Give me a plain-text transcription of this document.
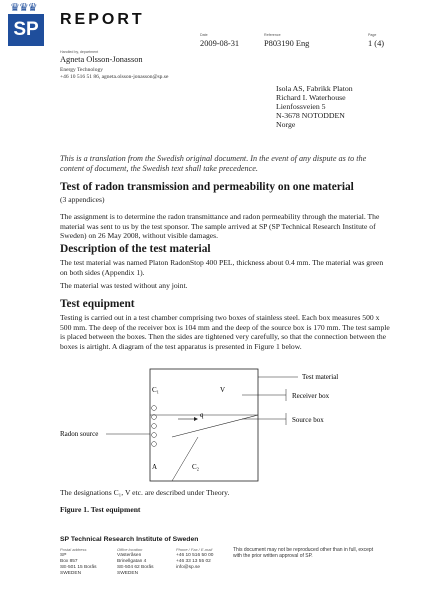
♛♛♛
SP	REPORT
Date
2009-08-31
Reference
P803190 Eng
Page
1 (4)
Handled by, department
Agneta Olsson-Jonasson
Energy Technology
+46 10 516 51 86, agneta.olsson-jonasson@sp.se
Isola AS, Fabrikk Platon
Richard I. Waterhouse
Lienfossveien 5
N-3678 NOTODDEN
Norge
This is a translation from the Swedish original document. In the event of any dispute as to the content of document, the Swedish text shall take precedence.
Test of radon transmission and permeability on one material
(3 appendices)
The assignment is to determine the radon transmittance and radon permeability through the material. The material was sent to us by the test sponsor. The sample arrived at SP (SP Technical Research Institute of Sweden) on 26 May 2008, without visible damages.
Description of the test material
The test material was named Platon RadonStop 400 PEL, thickness about 0.4 mm. The material was green on both sides (Appendix 1).
The material was tested without any joint.
Test equipment
Testing is carried out in a test chamber comprising two boxes of stainless steel. Each box measures 500 x 500 mm. The deep of the receiver box is 104 mm and the deep of the source box is 170 mm. The test sample is placed between the boxes. Then the sides are tightened very carefully, so that the connection between the boxes is airtight. A diagram of the test apparatus is presented in Figure 1 below.
C₁	V
q
A	C₂
Radon source
Test material
Receiver box
Source box
The designations C₁, V etc. are described under Theory.
Figure 1. Test equipment
SP Technical Research Institute of Sweden
Postal address
SP
Box 857
SE-501 15 Borås
SWEDEN
Office location
Västeråsen
Brinellgatan 4
SE-504 62 Borås
SWEDEN
Phone / Fax / E-mail
+46 10 516 50 00
+46 33 13 55 02
info@sp.se
This document may not be reproduced other than in full, except with the prior written approval of SP.
